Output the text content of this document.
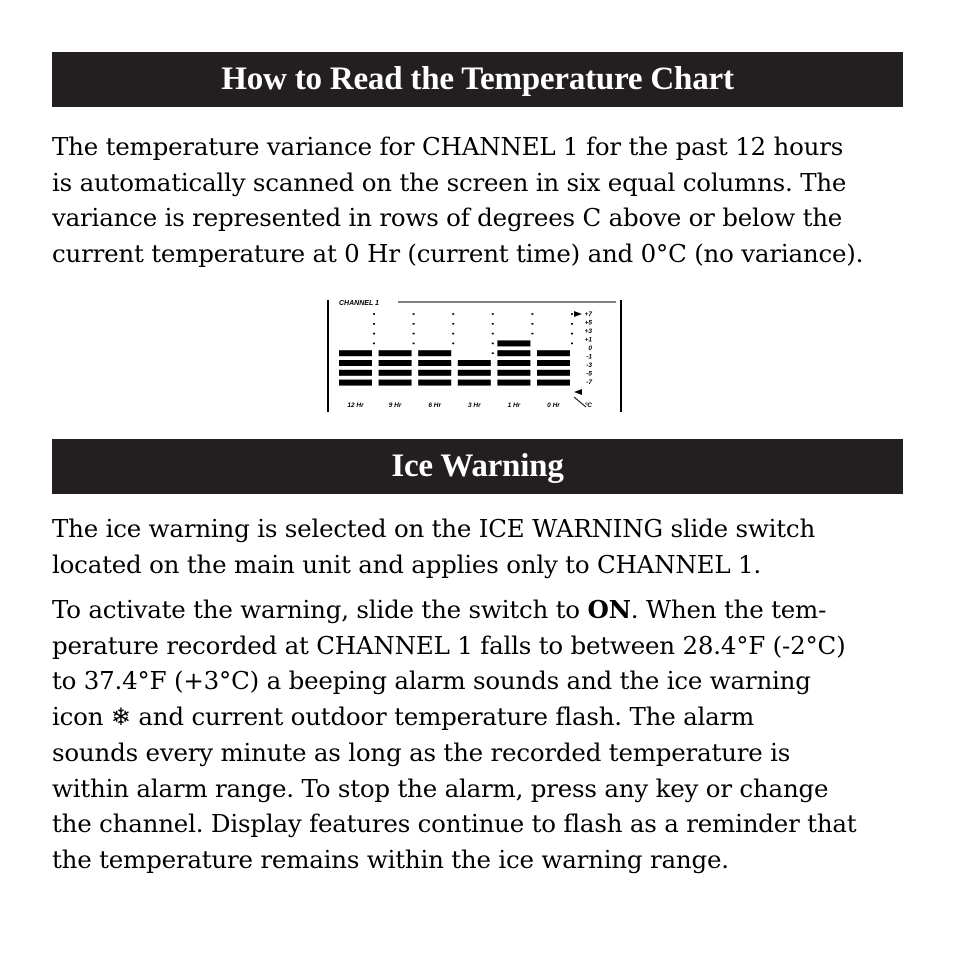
How to Read the Temperature Chart

The temperature variance for CHANNEL 1 for the past 12 hours
is automatically scanned on the screen in six equal columns. The
variance is represented in rows of degrees C above or below the
current temperature at 0 Hr (current time) and 0°C (no variance).

CHANNEL 1
12 Hr	9 Hr	6 Hr	3 Hr	1 Hr	0 Hr
+7
+5
+3
+1
0
-1
-3
-5
-7
°C
Ice Warning

The ice warning is selected on the ICE WARNING slide switch
located on the main unit and applies only to CHANNEL 1.

To activate the warning, slide the switch to ON. When the tem-
perature recorded at CHANNEL 1 falls to between 28.4°F (-2°C)
to 37.4°F (+3°C) a beeping alarm sounds and the ice warning
icon ❄ and current outdoor temperature flash. The alarm
sounds every minute as long as the recorded temperature is
within alarm range. To stop the alarm, press any key or change
the channel. Display features continue to flash as a reminder that
the temperature remains within the ice warning range.
